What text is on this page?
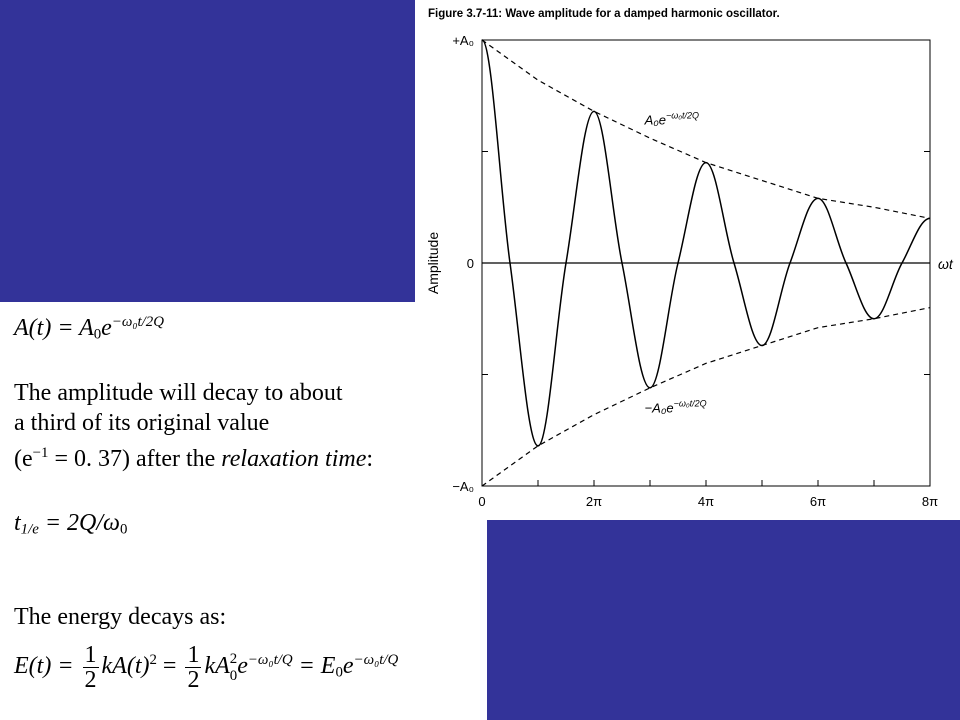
Figure 3.7-11: Wave amplitude for a damped harmonic oscillator.
0	2π	4π	6π	8π
+A₀
0
−A₀
Amplitude	ωt
$A_0e^{-\omega_0t/2Q}$
$-A_0e^{-\omega_0t/2Q}$
$A(t) = A_0e^{-\omega_0t/2Q}$
The amplitude will decay to about
a third of its original value
($e^{-1} = 0$. 37) after the relaxation time:
$t_{1/e} = 2Q/\omega_0$
The energy decays as:
$E(t) = \frac{1}{2} kA(t)^2 = \frac{1}{2}$ kA 2
0 $e^{-\omega_0t/Q} = E_0e^{-\omega_0t/Q}$
